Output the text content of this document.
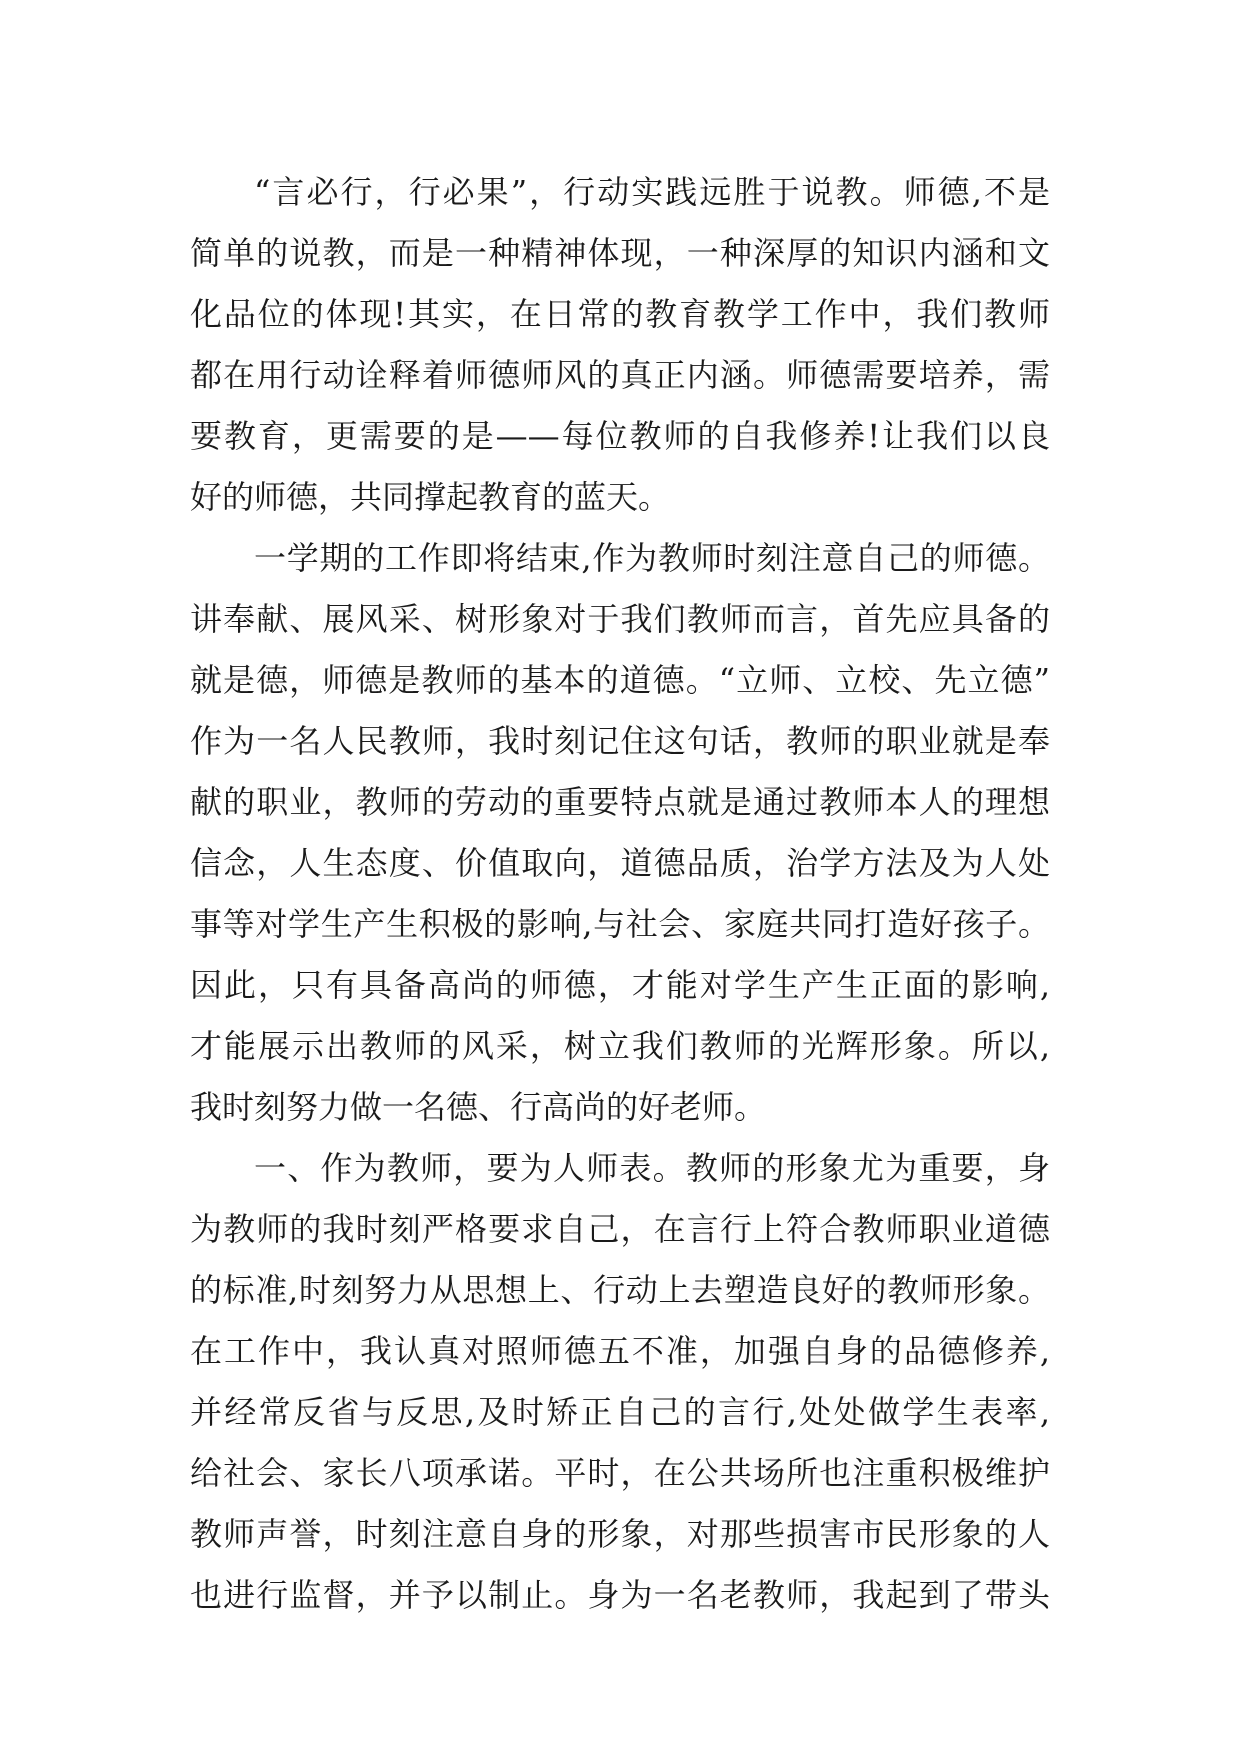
“言必行，行必果”，行动实践远胜于说教。师德,不是
简单的说教，而是一种精神体现，一种深厚的知识内涵和文
化品位的体现!其实，在日常的教育教学工作中，我们教师
都在用行动诠释着师德师风的真正内涵。师德需要培养，需
要教育，更需要的是——每位教师的自我修养!让我们以良
好的师德，共同撑起教育的蓝天。
一学期的工作即将结束,作为教师时刻注意自己的师德。
讲奉献、展风采、树形象对于我们教师而言，首先应具备的
就是德，师德是教师的基本的道德。“立师、立校、先立德”
作为一名人民教师，我时刻记住这句话，教师的职业就是奉
献的职业，教师的劳动的重要特点就是通过教师本人的理想
信念，人生态度、价值取向，道德品质，治学方法及为人处
事等对学生产生积极的影响,与社会、家庭共同打造好孩子。
因此，只有具备高尚的师德，才能对学生产生正面的影响,
才能展示出教师的风采，树立我们教师的光辉形象。所以,
我时刻努力做一名德、行高尚的好老师。
一、作为教师，要为人师表。教师的形象尤为重要，身
为教师的我时刻严格要求自己，在言行上符合教师职业道德
的标准,时刻努力从思想上、行动上去塑造良好的教师形象。
在工作中，我认真对照师德五不准，加强自身的品德修养,
并经常反省与反思,及时矫正自己的言行,处处做学生表率,
给社会、家长八项承诺。平时，在公共场所也注重积极维护
教师声誉，时刻注意自身的形象，对那些损害市民形象的人
也进行监督，并予以制止。身为一名老教师，我起到了带头
